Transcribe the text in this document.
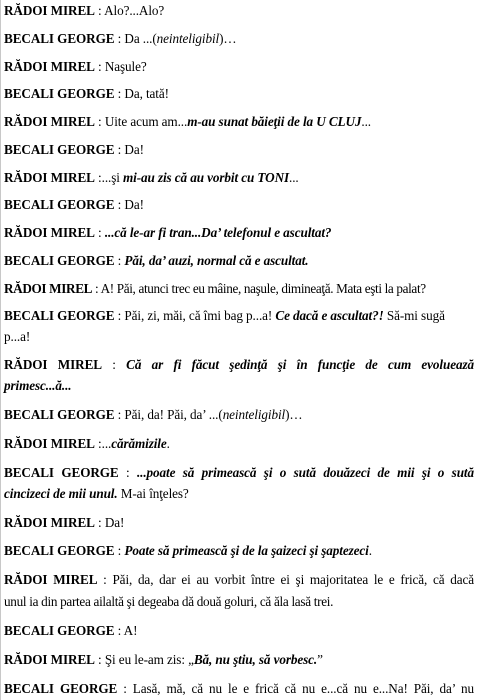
RĂDOI MIREL : Alo?...Alo?
BECALI GEORGE : Da ...(neinteligibil)…
RĂDOI MIREL : Naşule?
BECALI GEORGE : Da, tată!
RĂDOI MIREL : Uite acum am...m-au sunat băieţii de la U CLUJ...
BECALI GEORGE : Da!
RĂDOI MIREL :...şi mi-au zis că au vorbit cu TONI...
BECALI GEORGE : Da!
RĂDOI MIREL : ...că le-ar fi tran...Da’ telefonul e ascultat?
BECALI GEORGE : Păi, da’ auzi, normal că e ascultat.
RĂDOI MIREL : A! Păi, atunci trec eu mâine, naşule, dimineaţă. Mata eşti la palat?
BECALI GEORGE : Păi, zi, măi, că îmi bag p...a! Ce dacă e ascultat?! Să-mi sugă
p...a!
RĂDOI MIREL : Că ar fi făcut şedinţă şi în funcţie de cum evoluează
primesc...ă...
BECALI GEORGE : Păi, da! Păi, da’ ...(neinteligibil)…
RĂDOI MIREL :...cărămizile.
BECALI GEORGE : ...poate să primească şi o sută douăzeci de mii şi o sută
cincizeci de mii unul. M-ai înţeles?
RĂDOI MIREL : Da!
BECALI GEORGE : Poate să primească şi de la şaizeci şi şaptezeci.
RĂDOI MIREL : Păi, da, dar ei au vorbit între ei şi majoritatea le e frică, că dacă
unul ia din partea ailaltă şi degeaba dă două goluri, că ăla lasă trei.
BECALI GEORGE : A!
RĂDOI MIREL : Şi eu le-am zis: „Bă, nu ştiu, să vorbesc.”
BECALI GEORGE : Lasă, mă, că nu le e frică că nu e...că nu e...Na! Păi, da’ nu
